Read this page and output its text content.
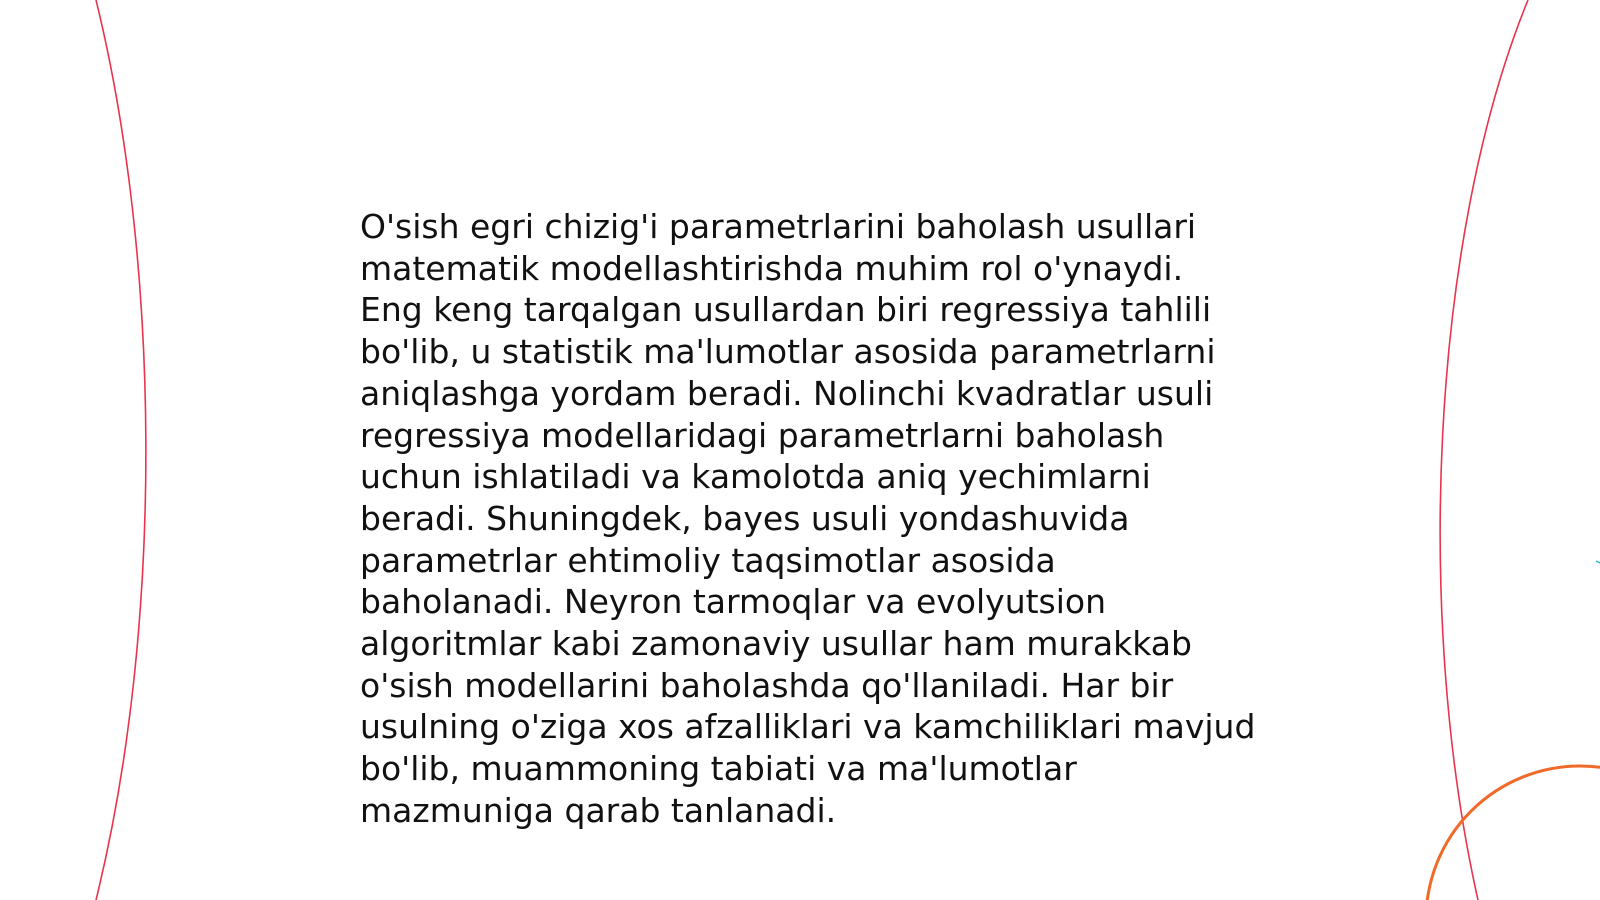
O'sish egri chizig'i parametrlarini baholash usullari
matematik modellashtirishda muhim rol o'ynaydi.
Eng keng tarqalgan usullardan biri regressiya tahlili
bo'lib, u statistik ma'lumotlar asosida parametrlarni
aniqlashga yordam beradi. Nolinchi kvadratlar usuli
regressiya modellaridagi parametrlarni baholash
uchun ishlatiladi va kamolotda aniq yechimlarni
beradi. Shuningdek, bayes usuli yondashuvida
parametrlar ehtimoliy taqsimotlar asosida
baholanadi. Neyron tarmoqlar va evolyutsion
algoritmlar kabi zamonaviy usullar ham murakkab
o'sish modellarini baholashda qo'llaniladi. Har bir
usulning o'ziga xos afzalliklari va kamchiliklari mavjud
bo'lib, muammoning tabiati va ma'lumotlar
mazmuniga qarab tanlanadi.
